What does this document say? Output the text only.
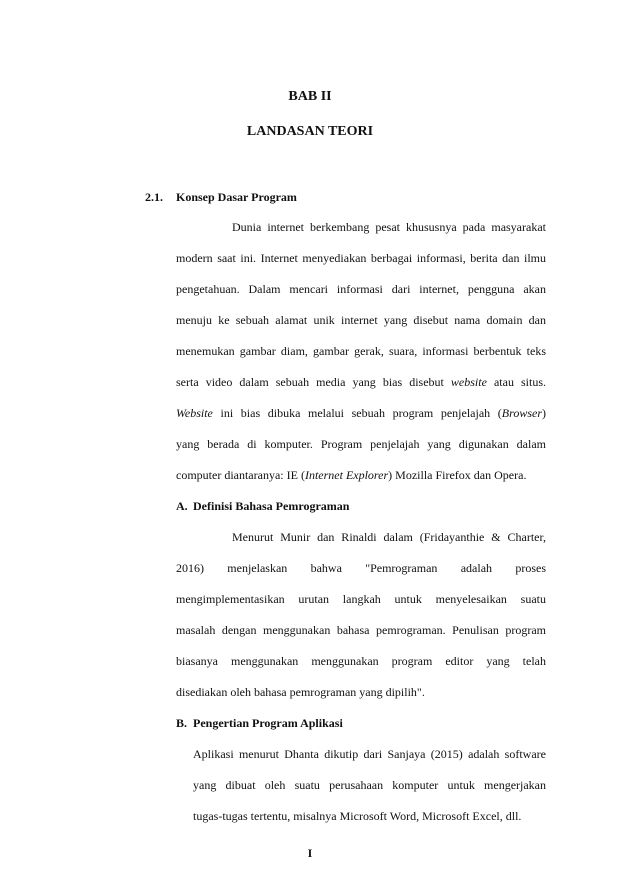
BAB II
LANDASAN TEORI
2.1. Konsep Dasar Program
Dunia internet berkembang pesat khususnya pada masyarakat
modern saat ini. Internet menyediakan berbagai informasi, berita dan ilmu
pengetahuan. Dalam mencari informasi dari internet, pengguna akan
menuju ke sebuah alamat unik internet yang disebut nama domain dan
menemukan gambar diam, gambar gerak, suara, informasi berbentuk teks
serta video dalam sebuah media yang bias disebut website atau situs.
Website ini bias dibuka melalui sebuah program penjelajah (Browser)
yang berada di komputer. Program penjelajah yang digunakan dalam
computer diantaranya: IE (Internet Explorer) Mozilla Firefox dan Opera.
A. Definisi Bahasa Pemrograman
Menurut Munir dan Rinaldi dalam (Fridayanthie & Charter,
2016) menjelaskan bahwa "Pemrograman adalah proses
mengimplementasikan urutan langkah untuk menyelesaikan suatu
masalah dengan menggunakan bahasa pemrograman. Penulisan program
biasanya menggunakan menggunakan program editor yang telah
disediakan oleh bahasa pemrograman yang dipilih".
B. Pengertian Program Aplikasi
Aplikasi menurut Dhanta dikutip dari Sanjaya (2015) adalah software
yang dibuat oleh suatu perusahaan komputer untuk mengerjakan
tugas-tugas tertentu, misalnya Microsoft Word, Microsoft Excel, dll.
I
